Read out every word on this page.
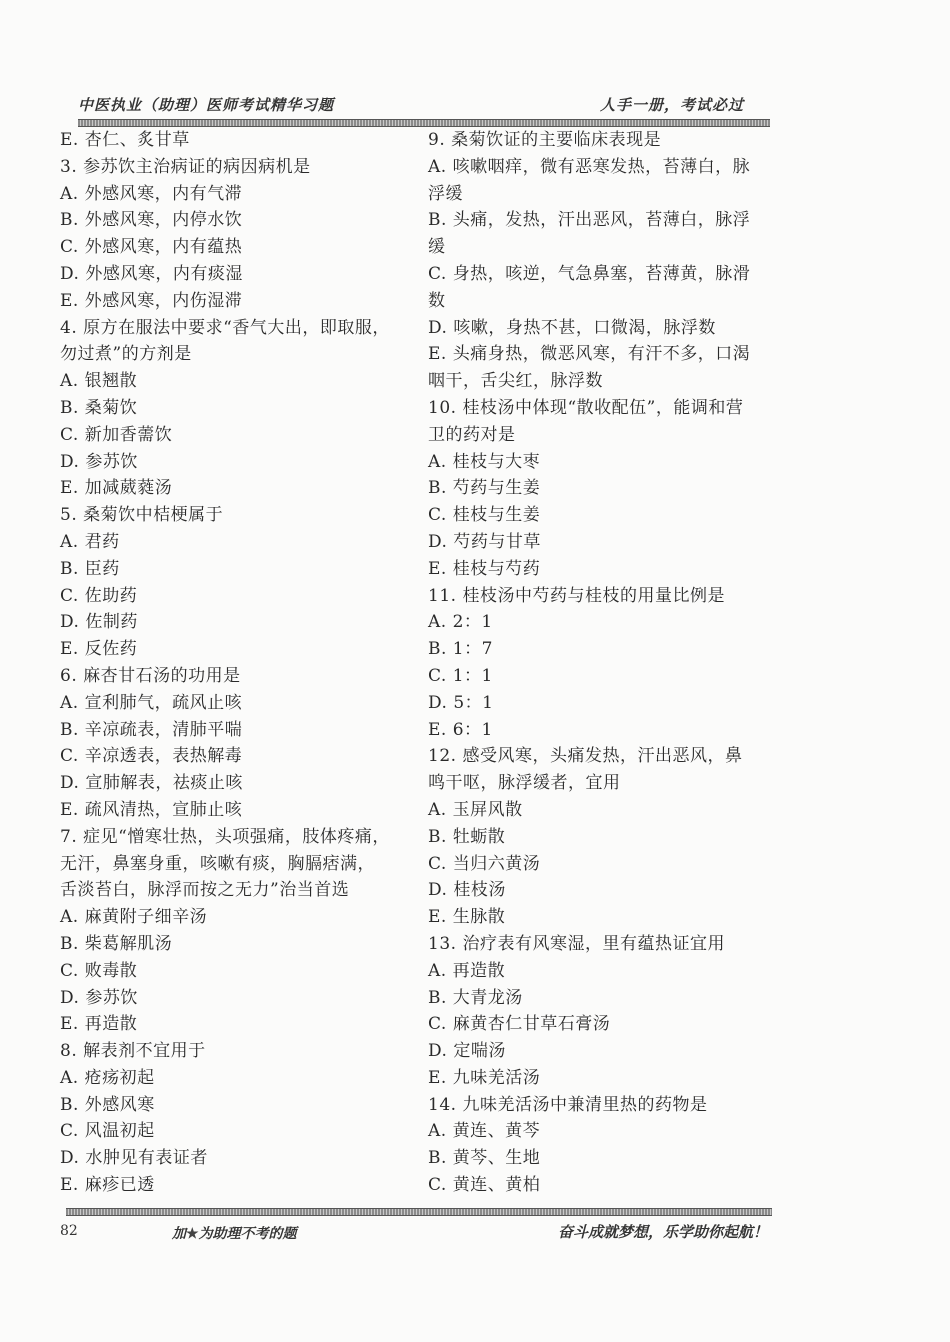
中医执业（助理）医师考试精华习题	人手一册，考试必过
E. 杏仁、炙甘草
3. 参苏饮主治病证的病因病机是
A. 外感风寒，内有气滞
B. 外感风寒，内停水饮
C. 外感风寒，内有蕴热
D. 外感风寒，内有痰湿
E. 外感风寒，内伤湿滞
4. 原方在服法中要求“香气大出，即取服，
勿过煮”的方剂是
A. 银翘散
B. 桑菊饮
C. 新加香薷饮
D. 参苏饮
E. 加减葳蕤汤
5. 桑菊饮中桔梗属于
A. 君药
B. 臣药
C. 佐助药
D. 佐制药
E. 反佐药
6. 麻杏甘石汤的功用是
A. 宣利肺气，疏风止咳
B. 辛凉疏表，清肺平喘
C. 辛凉透表，表热解毒
D. 宣肺解表，祛痰止咳
E. 疏风清热，宣肺止咳
7. 症见“憎寒壮热，头项强痛，肢体疼痛，
无汗，鼻塞身重，咳嗽有痰，胸膈痞满，
舌淡苔白，脉浮而按之无力”治当首选
A. 麻黄附子细辛汤
B. 柴葛解肌汤
C. 败毒散
D. 参苏饮
E. 再造散
8. 解表剂不宜用于
A. 疮疡初起
B. 外感风寒
C. 风温初起
D. 水肿见有表证者
E. 麻疹已透
9. 桑菊饮证的主要临床表现是
A. 咳嗽咽痒，微有恶寒发热，苔薄白，脉
浮缓
B. 头痛，发热，汗出恶风，苔薄白，脉浮
缓
C. 身热，咳逆，气急鼻塞，苔薄黄，脉滑
数
D. 咳嗽，身热不甚，口微渴，脉浮数
E. 头痛身热，微恶风寒，有汗不多，口渴
咽干，舌尖红，脉浮数
10. 桂枝汤中体现“散收配伍”，能调和营
卫的药对是
A. 桂枝与大枣
B. 芍药与生姜
C. 桂枝与生姜
D. 芍药与甘草
E. 桂枝与芍药
11. 桂枝汤中芍药与桂枝的用量比例是
A. 2：1
B. 1：7
C. 1：1
D. 5：1
E. 6：1
12. 感受风寒，头痛发热，汗出恶风，鼻
鸣干呕，脉浮缓者，宜用
A. 玉屏风散
B. 牡蛎散
C. 当归六黄汤
D. 桂枝汤
E. 生脉散
13. 治疗表有风寒湿，里有蕴热证宜用
A. 再造散
B. 大青龙汤
C. 麻黄杏仁甘草石膏汤
D. 定喘汤
E. 九味羌活汤
14. 九味羌活汤中兼清里热的药物是
A. 黄连、黄芩
B. 黄芩、生地
C. 黄连、黄柏
82	加★为助理不考的题	奋斗成就梦想，乐学助你起航！
